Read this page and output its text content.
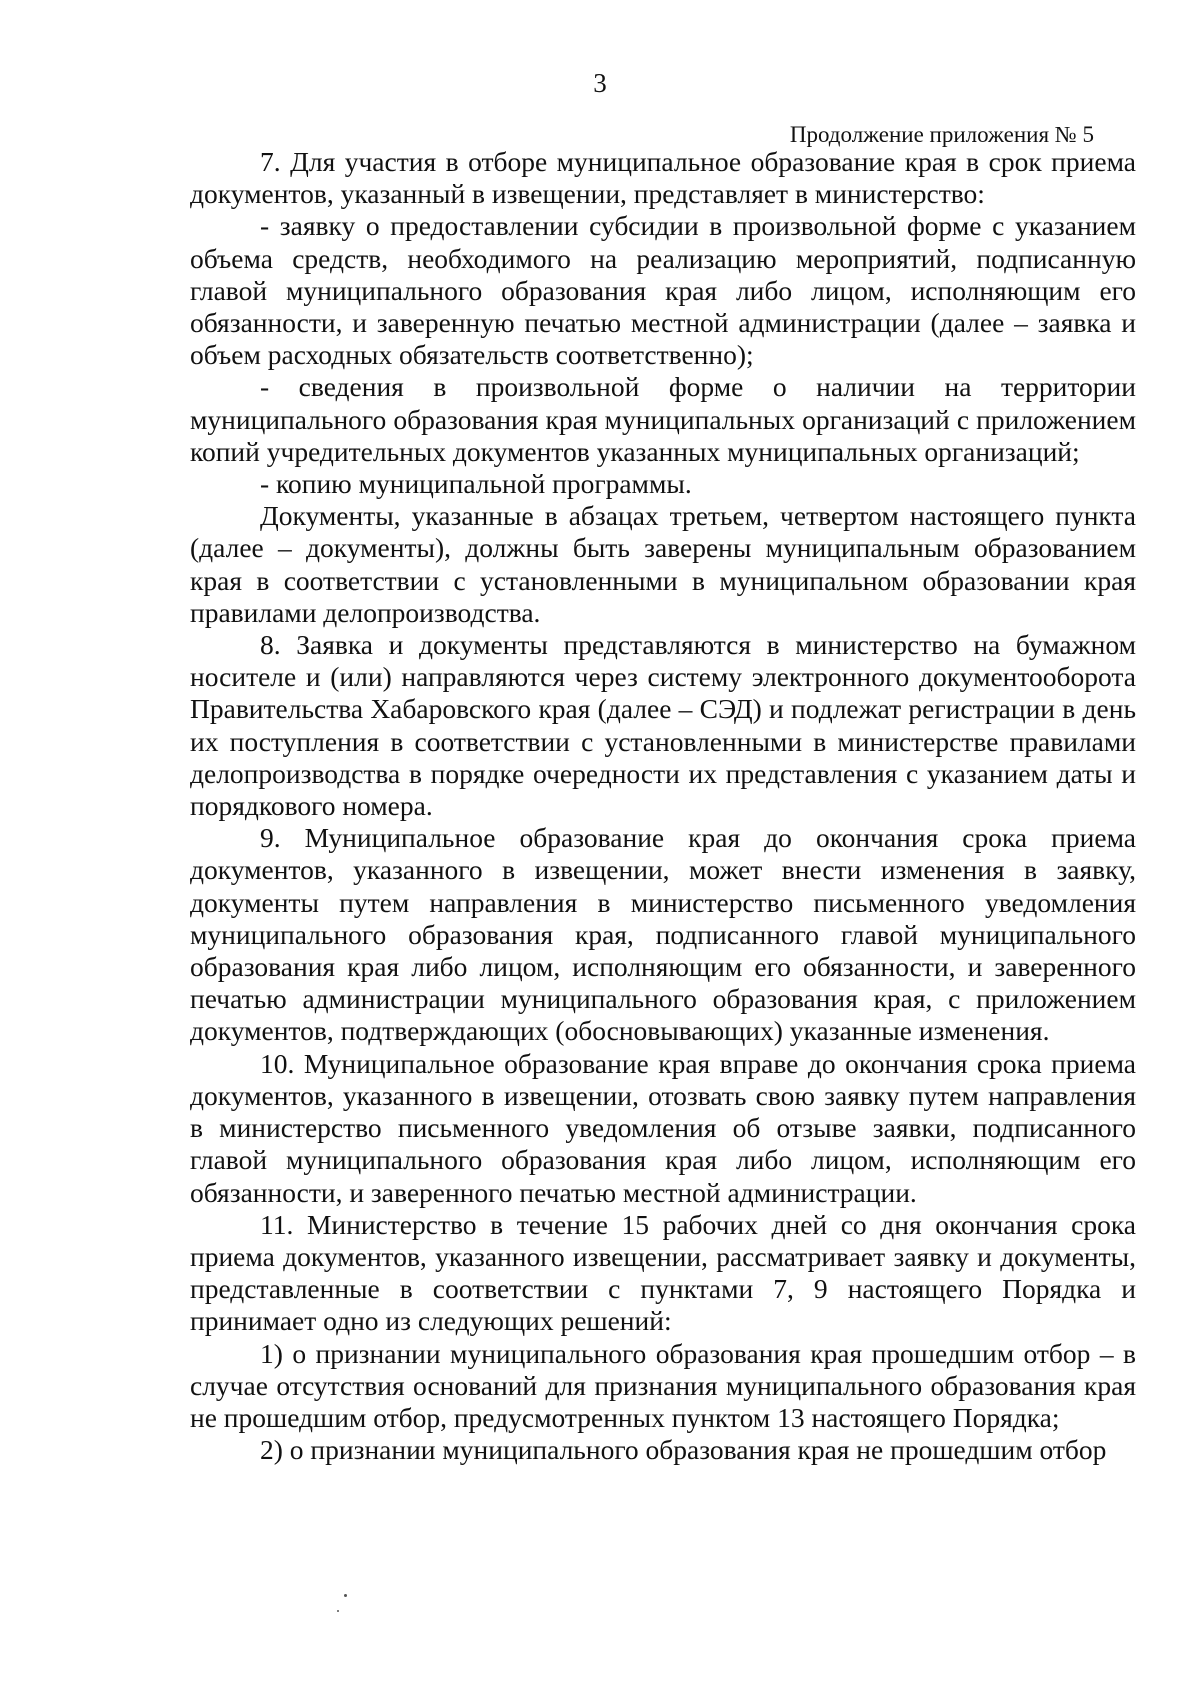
3
Продолжение приложения № 5

7. Для участия в отборе муниципальное образование края в срок приема документов, указанный в извещении, представляет в министерство:

- заявку о предоставлении субсидии в произвольной форме с указанием объема средств, необходимого на реализацию мероприятий, подписанную главой муниципального образования края либо лицом, исполняющим его обязанности, и заверенную печатью местной администрации (далее – заявка и объем расходных обязательств соответственно);

- сведения в произвольной форме о наличии на территории муниципального образования края муниципальных организаций с приложением копий учредительных документов указанных муниципальных организаций;

- копию муниципальной программы.

Документы, указанные в абзацах третьем, четвертом настоящего пункта (далее – документы), должны быть заверены муниципальным образованием края в соответствии с установленными в муниципальном образовании края правилами делопроизводства.

8. Заявка и документы представляются в министерство на бумажном носителе и (или) направляются через систему электронного документооборота Правительства Хабаровского края (далее – СЭД) и подлежат регистрации в день их поступления в соответствии с установленными в министерстве правилами делопроизводства в порядке очередности их представления с указанием даты и порядкового номера.

9. Муниципальное образование края до окончания срока приема документов, указанного в извещении, может внести изменения в заявку, документы путем направления в министерство письменного уведомления муниципального образования края, подписанного главой муниципального образования края либо лицом, исполняющим его обязанности, и заверенного печатью администрации муниципального образования края, с приложением документов, подтверждающих (обосновывающих) указанные изменения.

10. Муниципальное образование края вправе до окончания срока приема документов, указанного в извещении, отозвать свою заявку путем направления в министерство письменного уведомления об отзыве заявки, подписанного главой муниципального образования края либо лицом, исполняющим его обязанности, и заверенного печатью местной администрации.

11. Министерство в течение 15 рабочих дней со дня окончания срока приема документов, указанного извещении, рассматривает заявку и документы, представленные в соответствии с пунктами 7, 9 настоящего Порядка и принимает одно из следующих решений:

1) о признании муниципального образования края прошедшим отбор – в случае отсутствия оснований для признания муниципального образования края не прошедшим отбор, предусмотренных пунктом 13 настоящего Порядка;

2) о признании муниципального образования края не прошедшим отбор
